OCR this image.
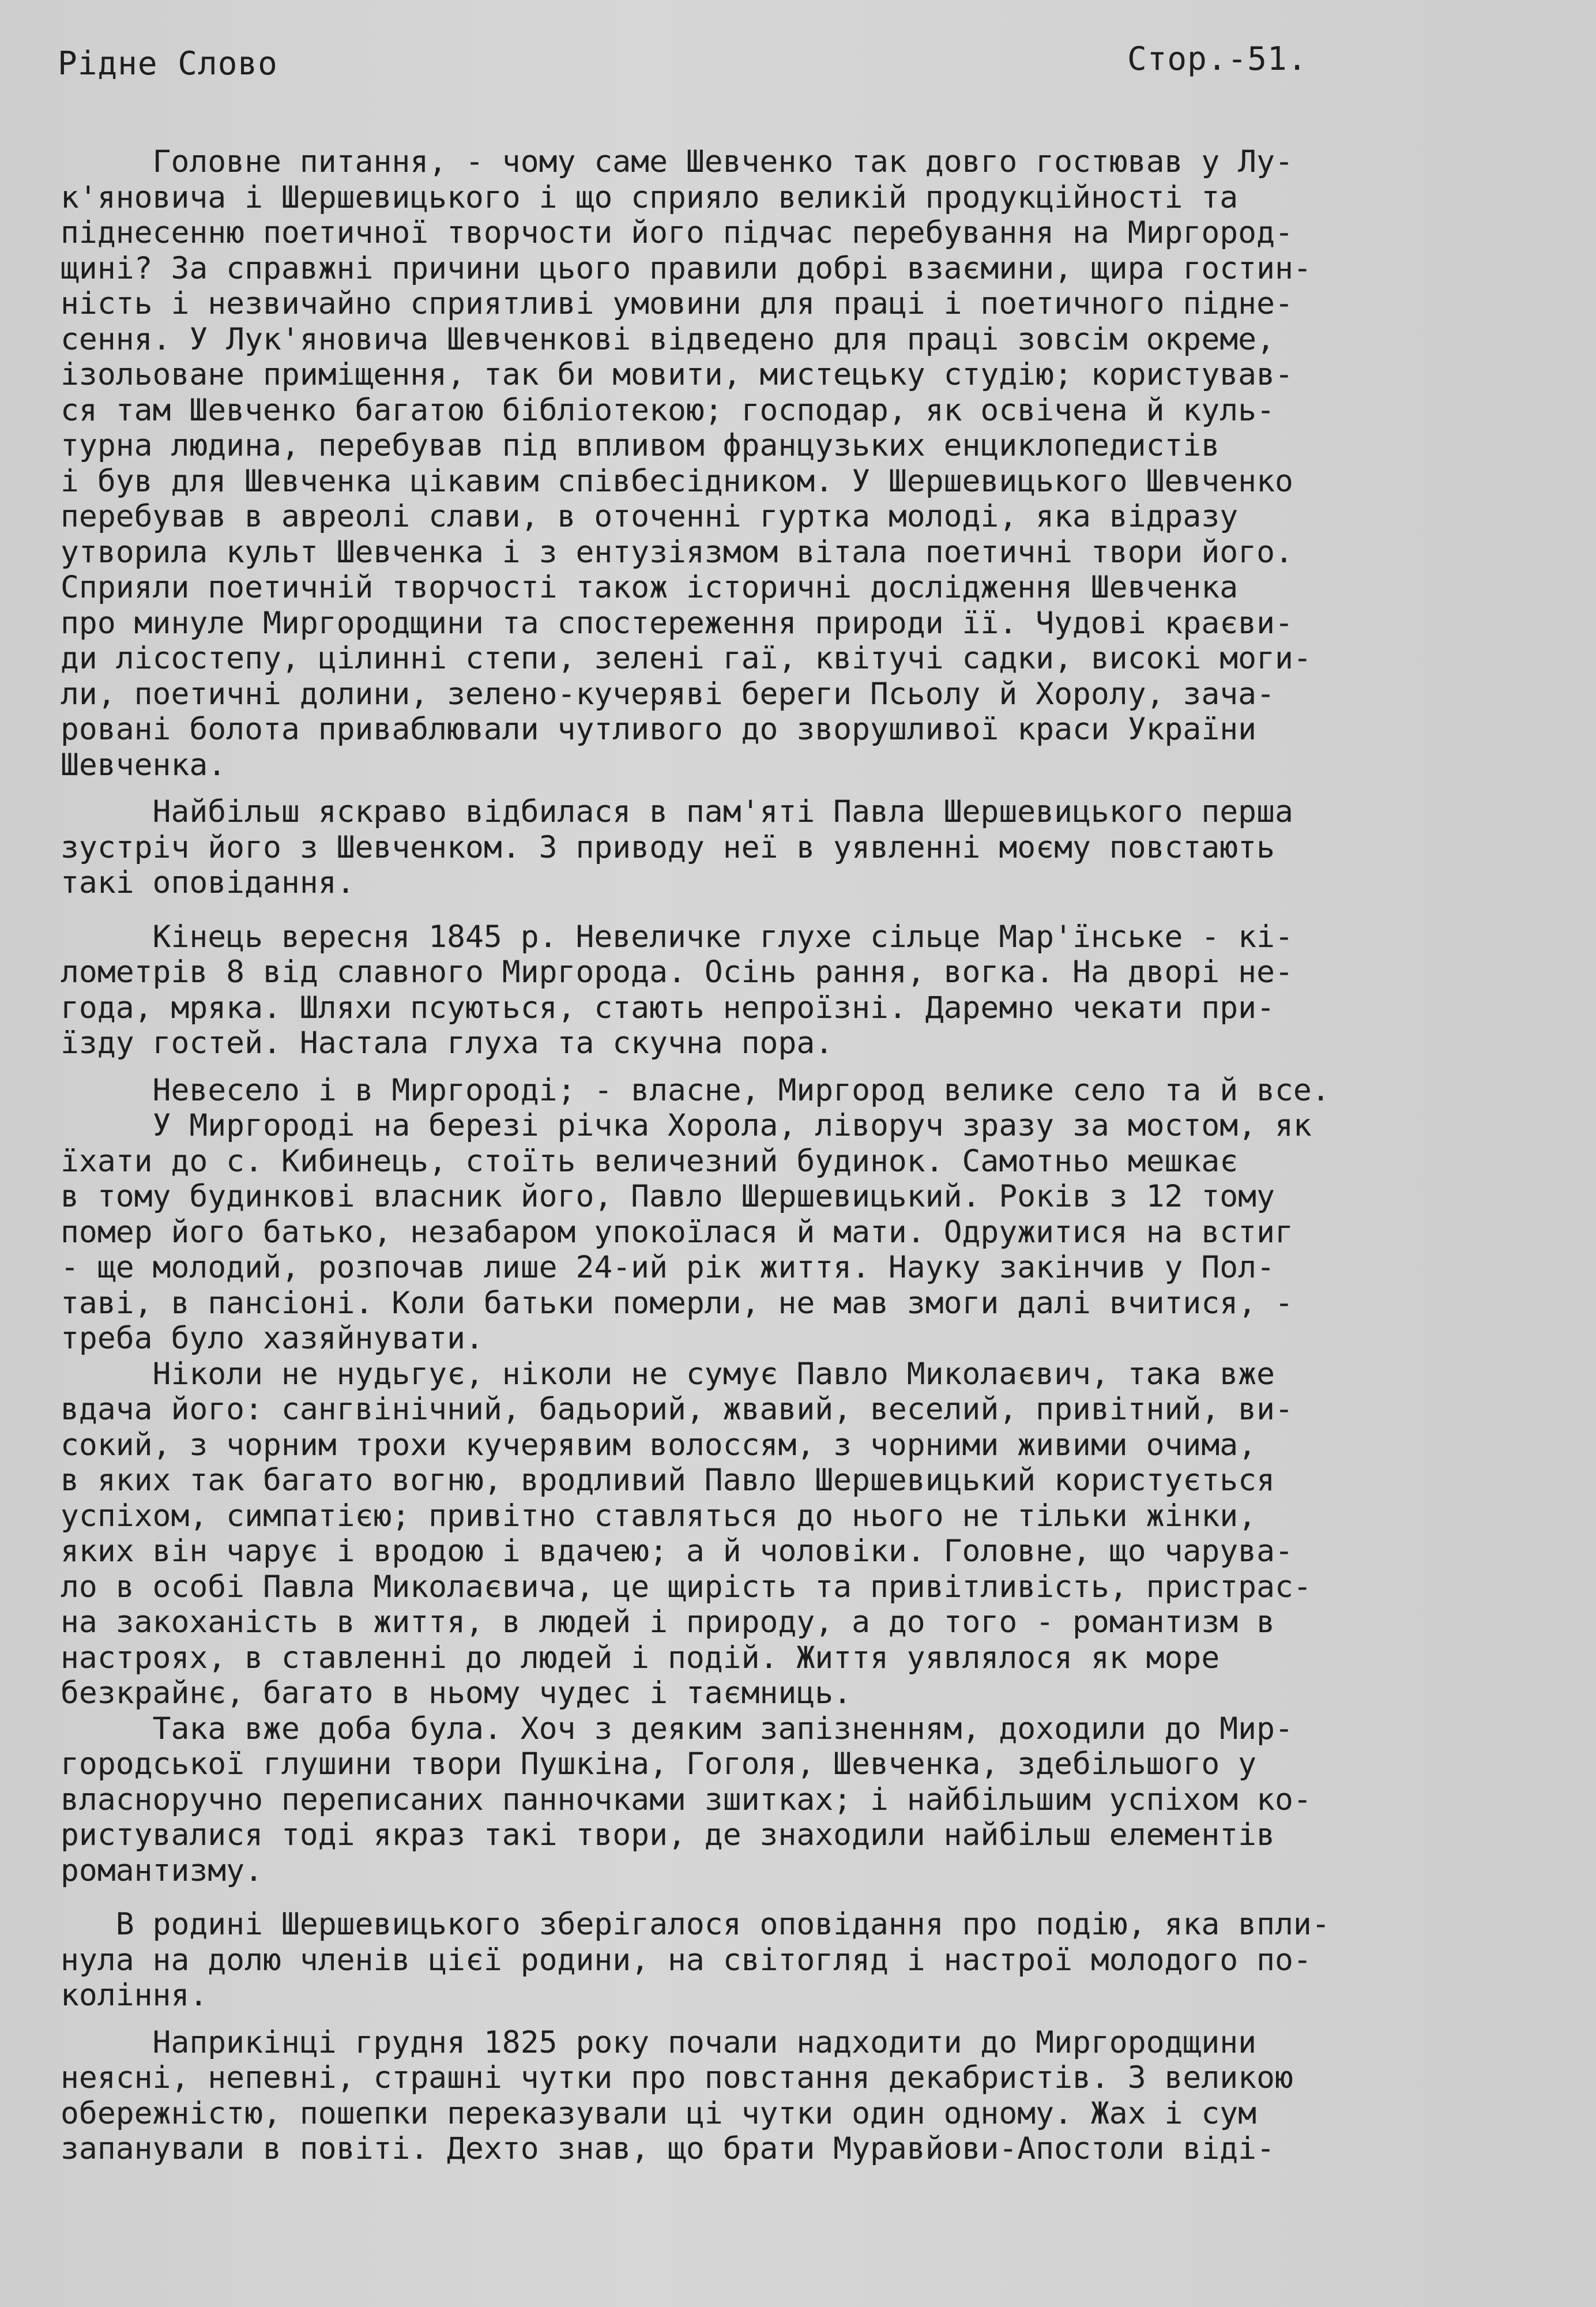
Рідне Слово	Стор.-51.
Головне питання, - чому саме Шевченко так довго гостював у Лу-
к'яновича і Шершевицького і що сприяло великій продукційності та
піднесенню поетичної творчости його підчас перебування на Миргород-
щині? За справжні причини цього правили добрі взаємини, щира гостин-
ність і незвичайно сприятливі умовини для праці і поетичного підне-
сення. У Лук'яновича Шевченкові відведено для праці зовсім окреме,
ізольоване приміщення, так би мовити, мистецьку студію; користував-
ся там Шевченко багатою бібліотекою; господар, як освічена й куль-
турна людина, перебував під впливом французьких енциклопедистів
і був для Шевченка цікавим співбесідником. У Шершевицького Шевченко
перебував в авреолі слави, в оточенні гуртка молоді, яка відразу
утворила культ Шевченка і з ентузіязмом вітала поетичні твори його.
Сприяли поетичній творчості також історичні дослідження Шевченка
про минуле Миргородщини та спостереження природи її. Чудові краєви-
ди лісостепу, цілинні степи, зелені гаї, квітучі садки, високі моги-
ли, поетичні долини, зелено-кучеряві береги Псьолу й Хоролу, зача-
ровані болота приваблювали чутливого до зворушливої краси України
Шевченка.
Найбільш яскраво відбилася в пам'яті Павла Шершевицького перша
зустріч його з Шевченком. З приводу неї в уявленні моєму повстають
такі оповідання.
Кінець вересня 1845 р. Невеличке глухе сільце Мар'їнське - кі-
лометрів 8 від славного Миргорода. Осінь рання, вогка. На дворі не-
года, мряка. Шляхи псуються, стають непроїзні. Даремно чекати при-
їзду гостей. Настала глуха та скучна пора.
Невесело і в Миргороді; - власне, Миргород велике село та й все.
У Миргороді на березі річка Хорола, ліворуч зразу за мостом, як
їхати до с. Кибинець, стоїть величезний будинок. Самотньо мешкає
в тому будинкові власник його, Павло Шершевицький. Років з 12 тому
помер його батько, незабаром упокоїлася й мати. Одружитися на встиг
- ще молодий, розпочав лише 24-ий рік життя. Науку закінчив у Пол-
таві, в пансіоні. Коли батьки померли, не мав змоги далі вчитися, -
треба було хазяйнувати.
Ніколи не нудьгує, ніколи не сумує Павло Миколаєвич, така вже
вдача його: сангвінічний, бадьорий, жвавий, веселий, привітний, ви-
сокий, з чорним трохи кучерявим волоссям, з чорними живими очима,
в яких так багато вогню, вродливий Павло Шершевицький користується
успіхом, симпатією; привітно ставляться до нього не тільки жінки,
яких він чарує і вродою і вдачею; а й чоловіки. Головне, що чарува-
ло в особі Павла Миколаєвича, це щирість та привітливість, пристрас-
на закоханість в життя, в людей і природу, а до того - романтизм в
настроях, в ставленні до людей і подій. Життя уявлялося як море
безкрайнє, багато в ньому чудес і таємниць.
Така вже доба була. Хоч з деяким запізненням, доходили до Мир-
городської глушини твори Пушкіна, Гоголя, Шевченка, здебільшого у
власноручно переписаних панночками зшитках; і найбільшим успіхом ко-
ристувалися тоді якраз такі твори, де знаходили найбільш елементів
романтизму.
В родині Шершевицького зберігалося оповідання про подію, яка впли-
нула на долю членів цієї родини, на світогляд і настрої молодого по-
коління.
Наприкінці грудня 1825 року почали надходити до Миргородщини
неясні, непевні, страшні чутки про повстання декабристів. З великою
обережністю, пошепки переказували ці чутки один одному. Жах і сум
запанували в повіті. Дехто знав, що брати Муравйови-Апостоли віді-
